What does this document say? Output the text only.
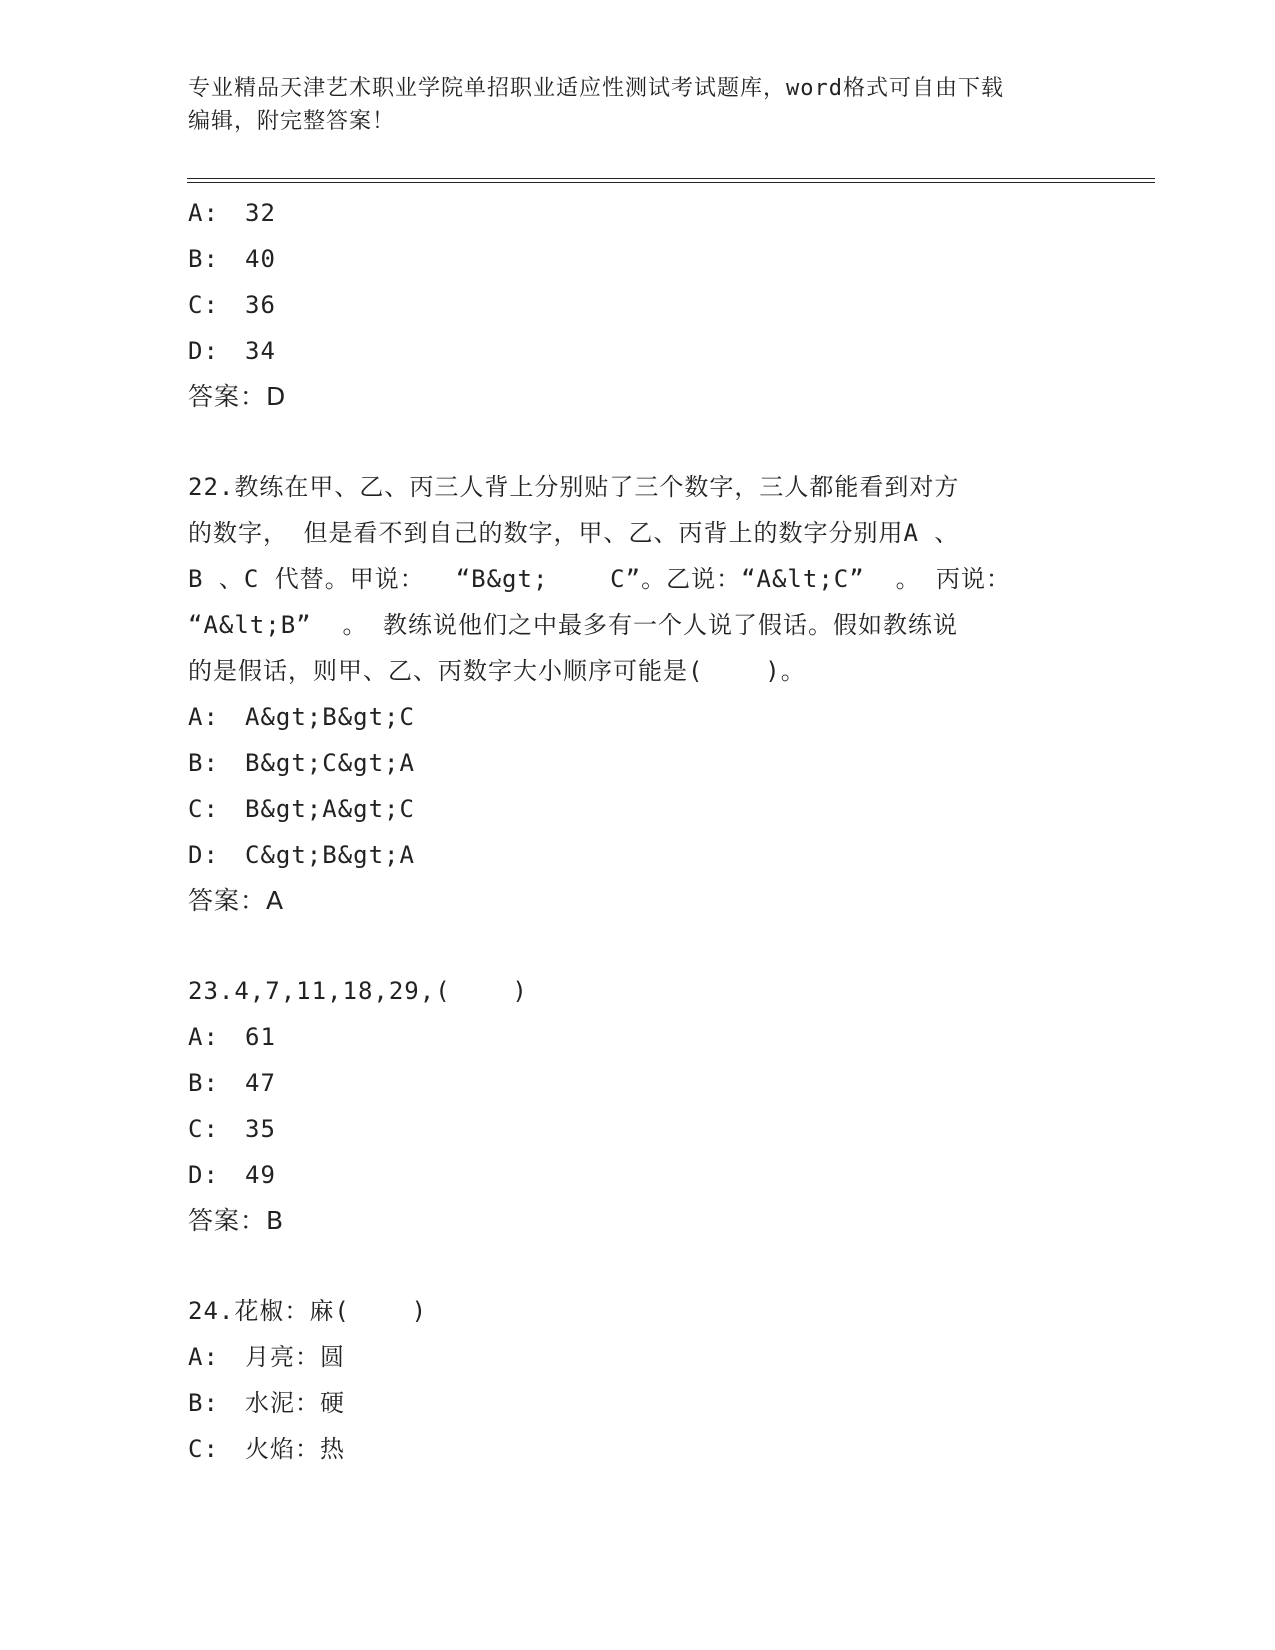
专业精品天津艺术职业学院单招职业适应性测试考试题库，word格式可自由下载
编辑，附完整答案！
A: 32
B: 40
C: 36
D: 34
答案：D
22.教练在甲、乙、丙三人背上分别贴了三个数字，三人都能看到对方
的数字， 但是看不到自己的数字，甲、乙、丙背上的数字分别用A 、
B 、C 代替。甲说：  “B&gt;    C”。乙说：“A&lt;C”  。 丙说：
“A&lt;B”  。 教练说他们之中最多有一个人说了假话。假如教练说
的是假话，则甲、乙、丙数字大小顺序可能是(    )。
A: A&gt;B&gt;C
B: B&gt;C&gt;A
C: B&gt;A&gt;C
D: C&gt;B&gt;A
答案：A
23.4,7,11,18,29,(    )
A: 61
B: 47
C: 35
D: 49
答案：B
24.花椒：麻(    )
A: 月亮：圆
B: 水泥：硬
C: 火焰：热
